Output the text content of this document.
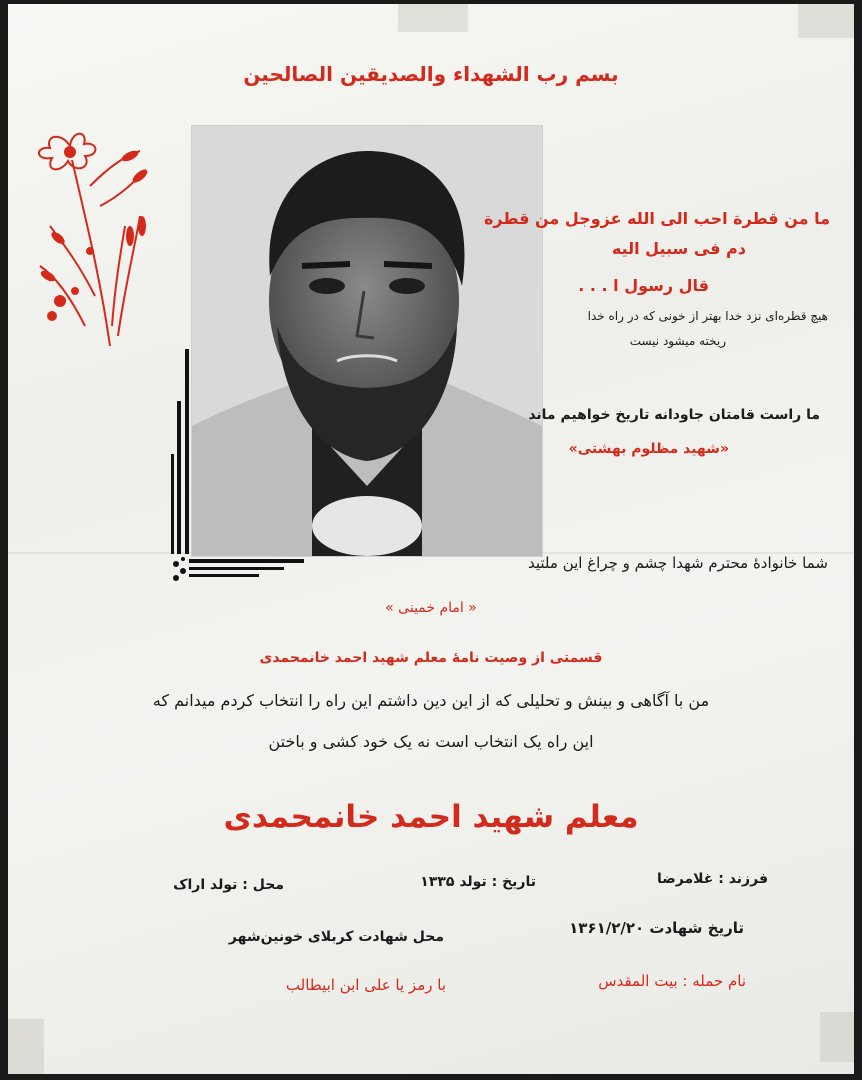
بسم رب الشهداء والصدیقین الصالحین

ما من قطرة احب الی الله عزوجل من قطرة

دم فی سبیل الیه

قال رسول ا . . .

هیچ قطره‌ای نزد خدا بهتر از خونی که در راه خدا

ریخته میشود نیست

ما راست قامتان جاودانه تاریخ خواهیم ماند

«شهید مظلوم بهشتی»

شما خانوادهٔ محترم شهدا چشم و چراغ این ملتید

« امام خمینی »

قسمتی از وصیت نامهٔ معلم شهید احمد خانمحمدی

من با آگاهی و بینش و تحلیلی که از این دین داشتم این راه را انتخاب کردم میدانم که

این راه یک انتخاب است نه یک خود کشی و باختن

معلم شهید احمد خانمحمدی

فرزند : غلامرضا

تاریخ : تولد ۱۳۳۵

محل : تولد اراک

تاریخ شهادت ۱۳۶۱/۲/۲۰

محل شهادت کربلای خونین‌شهر

نام حمله : بیت المقدس

با رمز یا علی ابن ابیطالب
